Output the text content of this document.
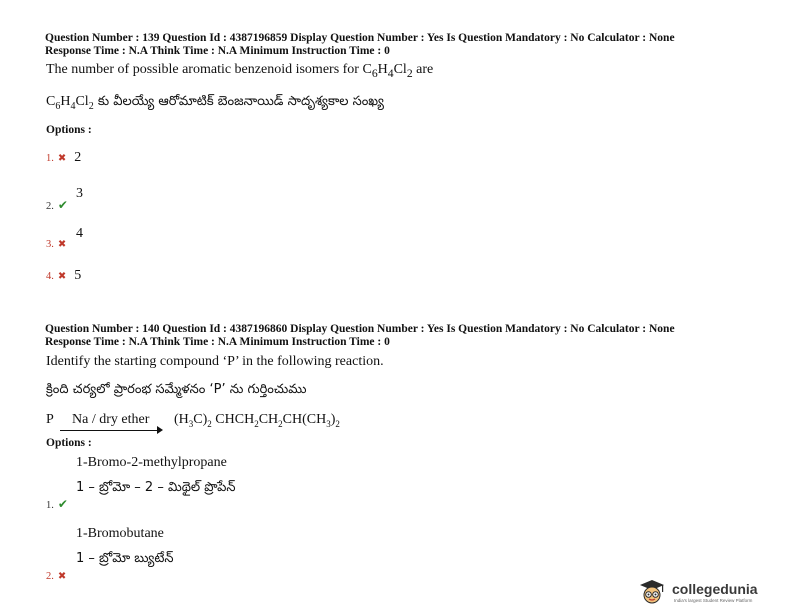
Question Number : 139 Question Id : 4387196859 Display Question Number : Yes Is Question Mandatory : No Calculator : None
Response Time : N.A Think Time : N.A Minimum Instruction Time : 0
The number of possible aromatic benzenoid isomers for $C_6H_4Cl_2$ are
$C_6H_4Cl_2$ కు వీలయ్యే ఆరోమాటిక్ బెంజనాయిడ్ సాదృశ్యకాల సంఖ్య
Options :
1. ✖ 2
2. ✔
3
3. ✖
4
4. ✖ 5
Question Number : 140 Question Id : 4387196860 Display Question Number : Yes Is Question Mandatory : No Calculator : None
Response Time : N.A Think Time : N.A Minimum Instruction Time : 0
Identify the starting compound ‘P’ in the following reaction.
క్రింది చర్యలో ప్రారంభ సమ్మేళనం ‘P’ ను గుర్తించుము
P Na / dry ether $(H_3C)_2$ $CHCH_2CH_2CH(CH_3)_2$
Options :
1-Bromo-2-methylpropane
1 – బ్రోమో – 2 – మిథైల్ ప్రొపేన్
1. ✔
1-Bromobutane
1 – బ్రోమో బ్యుటేన్
2. ✖
collegedunia
India's largest Student Review Platform
